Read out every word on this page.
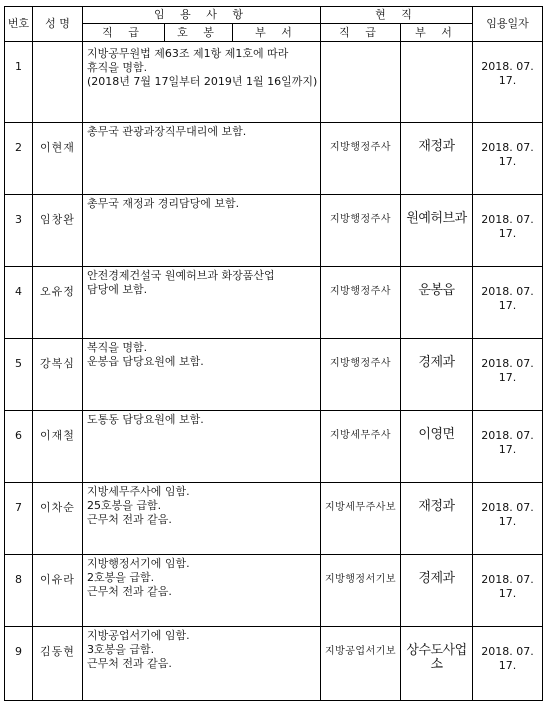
번호	성 명	임 용 사 항			현 직		임용일자
		직 급	호 봉	부 서	직 급	부 서	
1		지방공무원법 제63조 제1항 제1호에 따라
휴직을 명함.
(2018년 7월 17일부터 2019년 1월 16일까지)					2018. 07. 17.
2	이현재	총무국 관광과장직무대리에 보함.			지방행정주사	재정과	2018. 07. 17.
3	임창완	총무국 재정과 경리담당에 보함.			지방행정주사	원예허브과	2018. 07. 17.
4	오유정	안전경제건설국 원예허브과 화장품산업
담당에 보함.			지방행정주사	운봉읍	2018. 07. 17.
5	강복심	복직을 명함.
운봉읍 담당요원에 보함.			지방행정주사	경제과	2018. 07. 17.
6	이재철	도통동 담당요원에 보함.			지방세무주사	이영면	2018. 07. 17.
7	이차순	지방세무주사에 임함.
25호봉을 급함.
근무처 전과 같음.			지방세무주사보	재정과	2018. 07. 17.
8	이유라	지방행정서기에 임함.
2호봉을 급함.
근무처 전과 같음.			지방행정서기보	경제과	2018. 07. 17.
9	김동현	지방공업서기에 임함.
3호봉을 급함.
근무처 전과 같음.			지방공업서기보	상수도사업소	2018. 07. 17.
